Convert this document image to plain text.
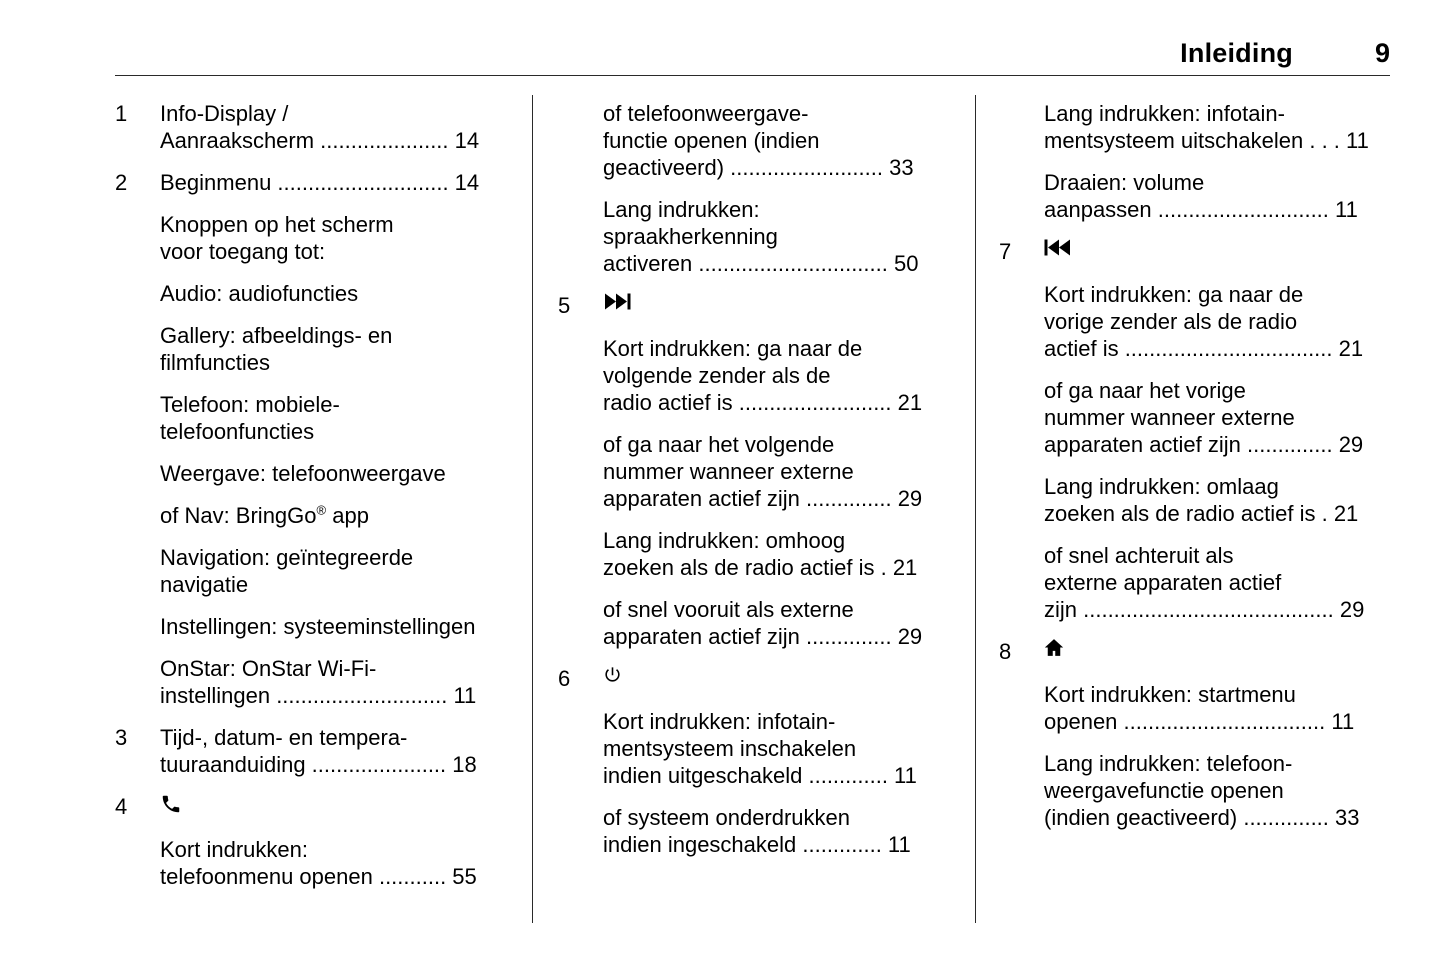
Inleiding	9
1	Info-Display /
Aanraakscherm ..................... 14
2	Beginmenu ............................ 14
Knoppen op het scherm
voor toegang tot:
Audio: audiofuncties
Gallery: afbeeldings- en
filmfuncties
Telefoon: mobiele-
telefoonfuncties
Weergave: telefoonweergave
of Nav: BringGo® app
Navigation: geïntegreerde
navigatie
Instellingen: systeeminstellingen
OnStar: OnStar Wi-Fi-
instellingen ............................ 11
3	Tijd-, datum- en tempera-
tuuraanduiding ...................... 18
4
Kort indrukken:
telefoonmenu openen ........... 55
of telefoonweergave-
functie openen (indien
geactiveerd) ......................... 33
Lang indrukken:
spraakherkenning
activeren ............................... 50
5
Kort indrukken: ga naar de
volgende zender als de
radio actief is ......................... 21
of ga naar het volgende
nummer wanneer externe
apparaten actief zijn .............. 29
Lang indrukken: omhoog
zoeken als de radio actief is . 21
of snel vooruit als externe
apparaten actief zijn .............. 29
6
Kort indrukken: infotain-
mentsysteem inschakelen
indien uitgeschakeld ............. 11
of systeem onderdrukken
indien ingeschakeld ............. 11
Lang indrukken: infotain-
mentsysteem uitschakelen . . . 11
Draaien: volume
aanpassen ............................ 11
7
Kort indrukken: ga naar de
vorige zender als de radio
actief is .................................. 21
of ga naar het vorige
nummer wanneer externe
apparaten actief zijn .............. 29
Lang indrukken: omlaag
zoeken als de radio actief is . 21
of snel achteruit als
externe apparaten actief
zijn ......................................... 29
8
Kort indrukken: startmenu
openen ................................. 11
Lang indrukken: telefoon-
weergavefunctie openen
(indien geactiveerd) .............. 33
